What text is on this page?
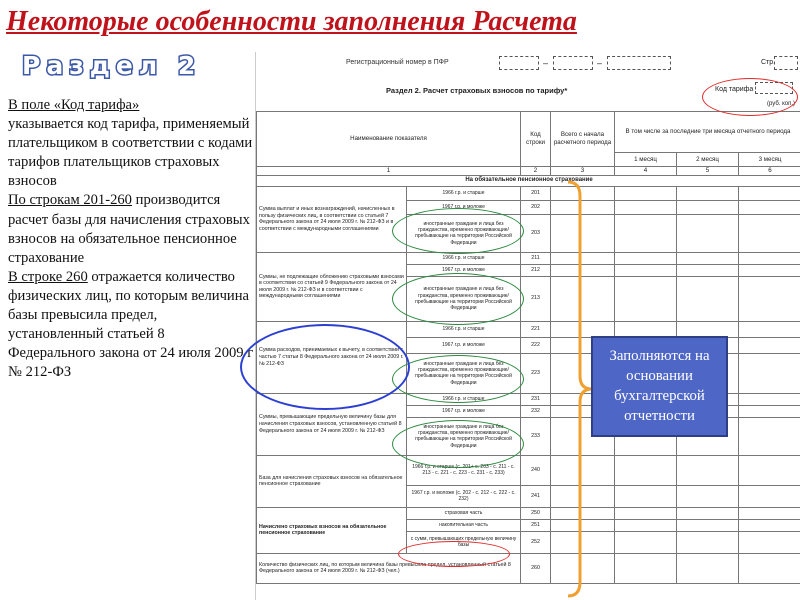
Некоторые особенности заполнения Расчета
Раздел 2

В поле «Код тарифа»
указывается код тарифа, применяемый плательщиком в соответствии с кодами тарифов плательщиков страховых взносов

По строкам 201-260 производится расчет базы для начисления страховых взносов на обязательное пенсионное страхование

В строке 260 отражается количество физических лиц, по которым величина базы превысила предел, установленный статьей 8 Федерального закона от 24 июля 2009 г № 212-ФЗ

Регистрационный номер в ПФР	–	–	Стр.
Раздел 2. Расчет страховых взносов по тарифу*	Код тарифа
(руб. коп.)
Наименование показателя		Код строки	Всего с начала расчетного периода	В том числе за последние три месяца отчетного периода		
				1 месяц	2 месяц	3 месяц
1		2	3	4	5	6
На обязательное пенсионное страхование						
Сумма выплат и иных вознаграждений, начисленных в пользу физических лиц, в соответствии со статьей 7 Федерального закона от 24 июля 2009 г. № 212-ФЗ и в соответствии с международными соглашениями	1966 г.р. и старше	201				
	1967 г.р. и моложе	202				
	иностранные граждане и лица без гражданства, временно проживающие/пребывающие на территории Российской Федерации	203				
Суммы, не подлежащие обложению страховыми взносами в соответствии со статьей 9 Федерального закона от 24 июля 2009 г. № 212-ФЗ и в соответствии с международными соглашениями	1966 г.р. и старше	211				
	1967 г.р. и моложе	212				
	иностранные граждане и лица без гражданства, временно проживающие/пребывающие на территории Российской Федерации	213				
Сумма расходов, принимаемых к вычету, в соответствии с частью 7 статьи 8 Федерального закона от 24 июля 2009 г. № 212-ФЗ	1966 г.р. и старше	221				
	1967 г.р. и моложе	222				
	иностранные граждане и лица без гражданства, временно проживающие/пребывающие на территории Российской Федерации	223				
Суммы, превышающие предельную величину базы для начисления страховых взносов, установленную статьей 8 Федерального закона от 24 июля 2009 г. № 212-ФЗ	1966 г.р. и старше	231				
	1967 г.р. и моложе	232				
	иностранные граждане и лица без гражданства, временно проживающие/пребывающие на территории Российской Федерации	233				
База для начисления страховых взносов на обязательное пенсионное страхование	1966 г.р. и старше (с. 201+ с. 203 - с. 211 - с. 213 - с. 221 - с. 223 - с. 231 - с. 233)	240				
	1967 г.р. и моложе (с. 202 - с. 212 - с. 222 - с. 232)	241				
Начислено страховых взносов на обязательное пенсионное страхование	страховая часть	250				
	накопительная часть	251				
	с сумм, превышающих предельную величину базы	252				
Количество физических лиц, по которым величина базы превысила предел, установленный статьей 8 Федерального закона от 24 июля 2009 г. № 212-ФЗ (чел.)		260				
Заполняются на основании бухгалтерской отчетности
